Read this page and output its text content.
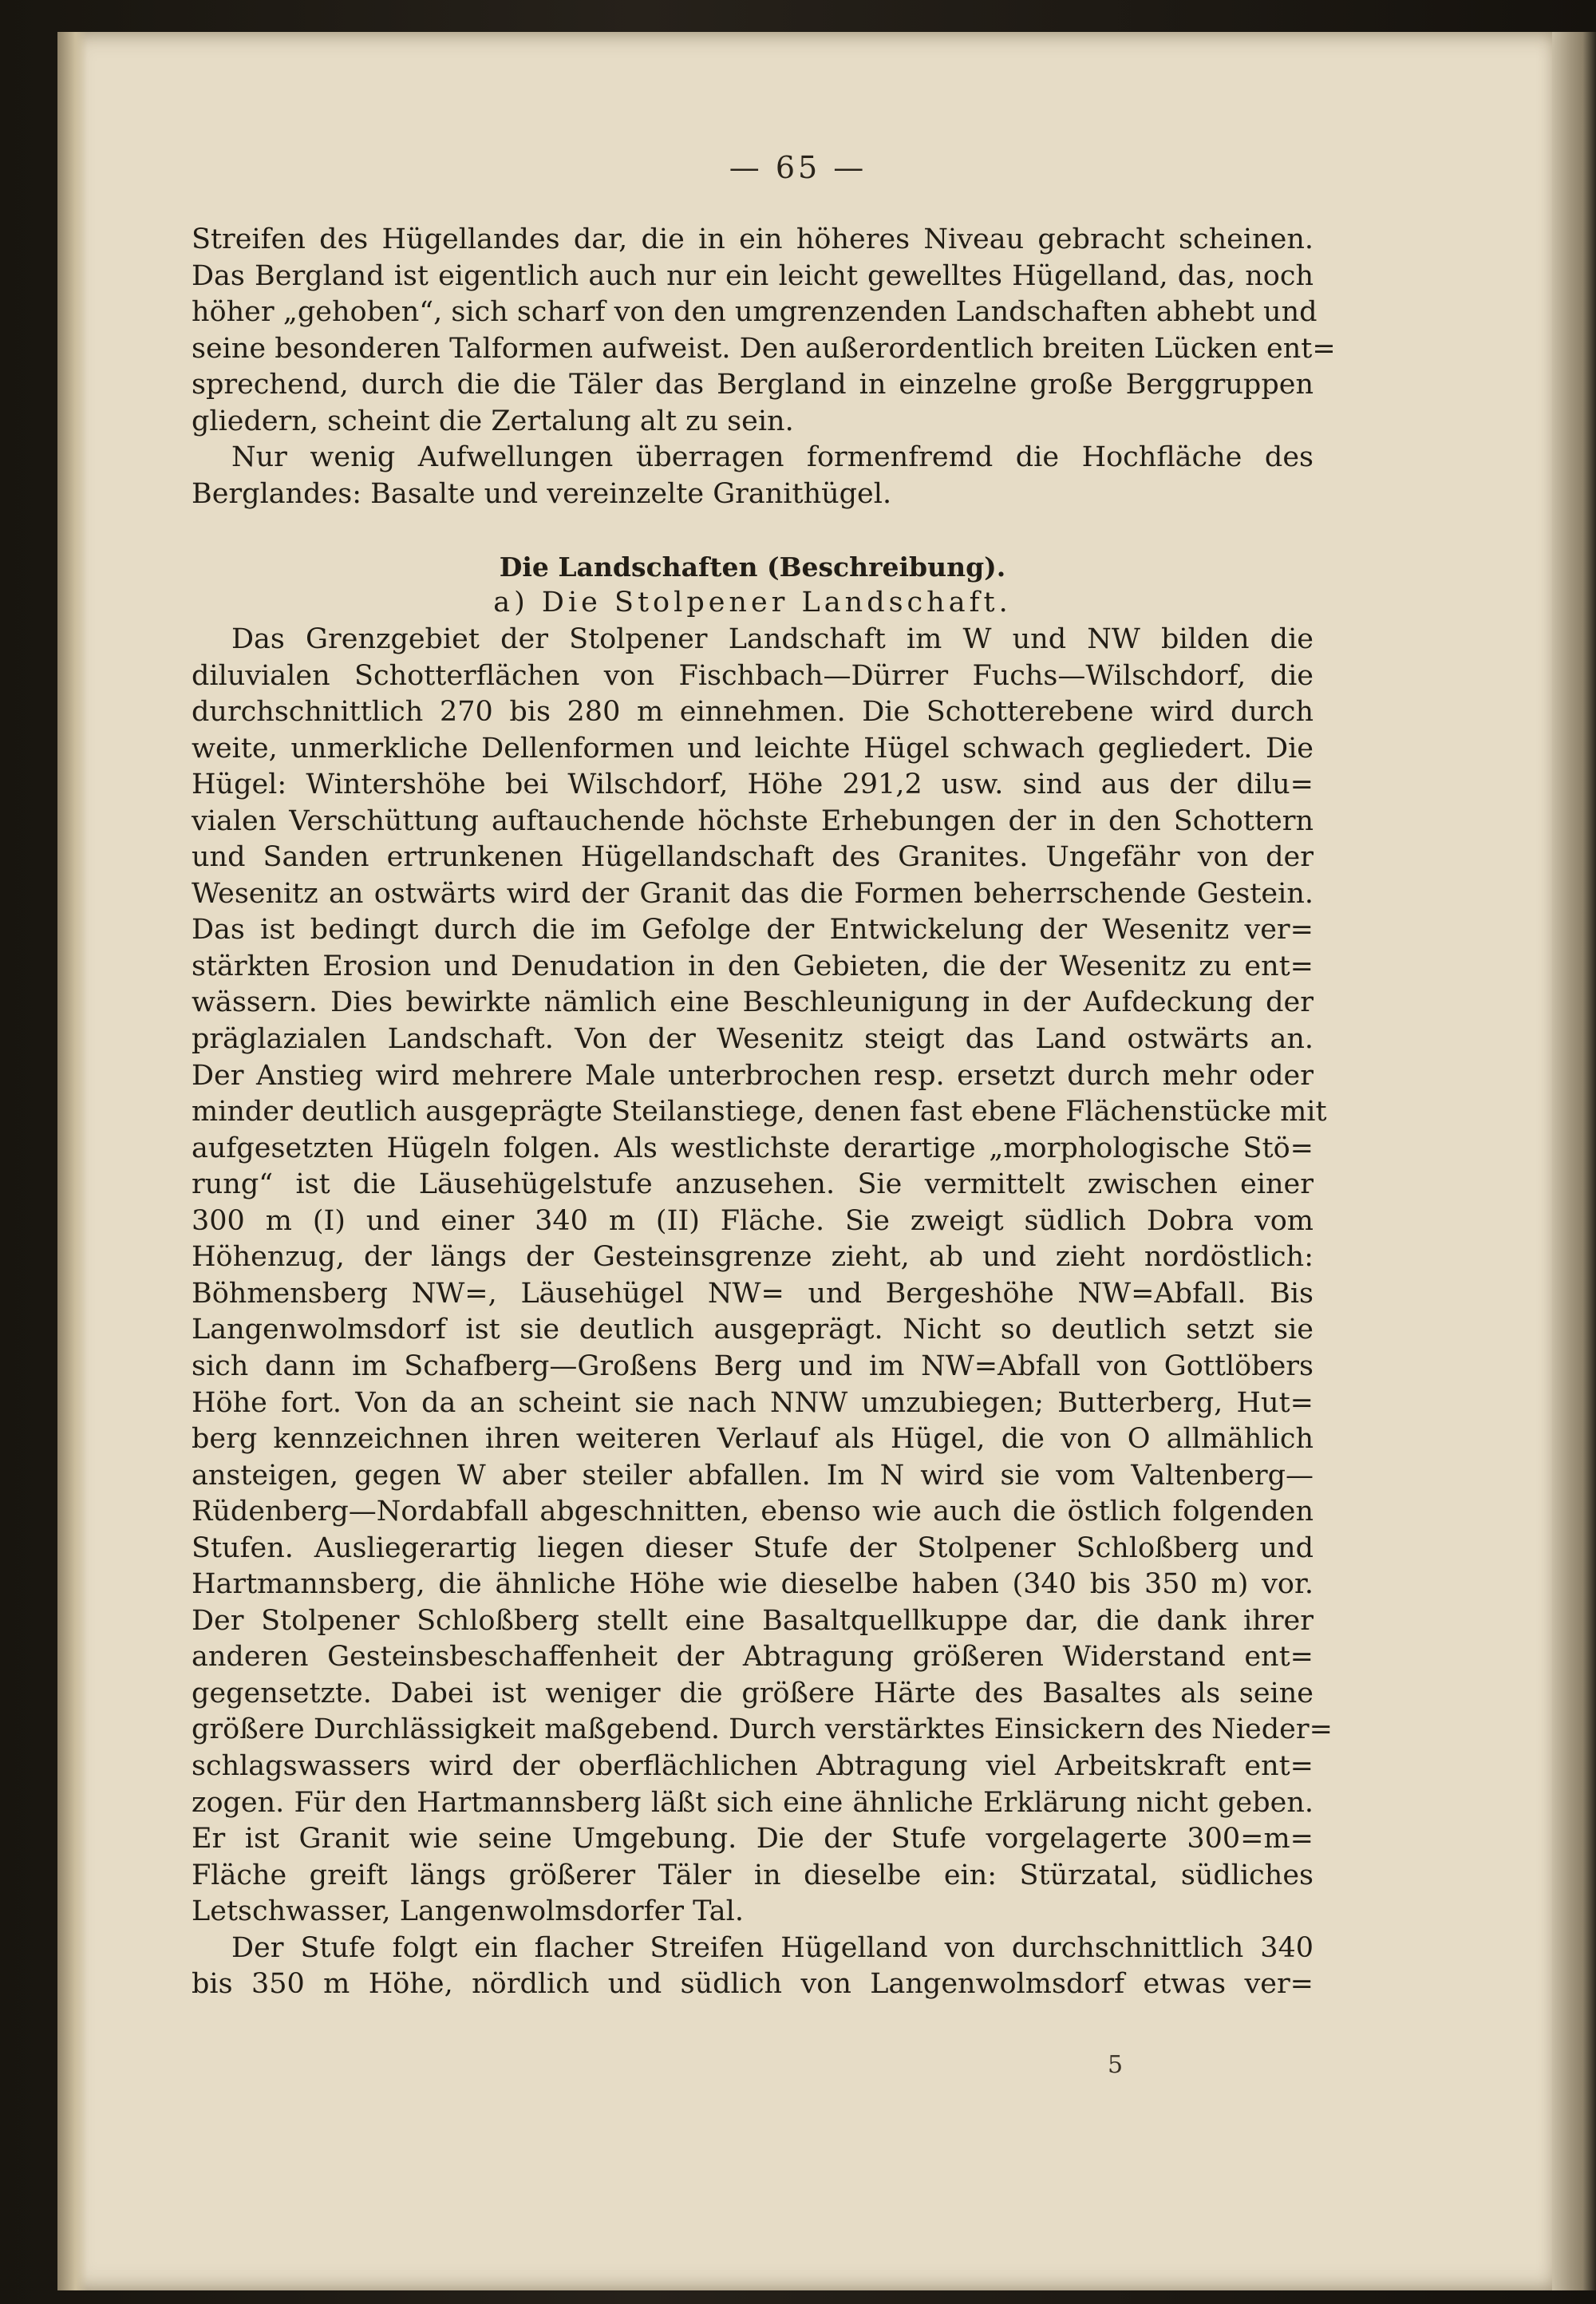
— 65 —
Streifen des Hügellandes dar, die in ein höheres Niveau gebracht scheinen.
Das Bergland ist eigentlich auch nur ein leicht gewelltes Hügelland, das, noch
höher „gehoben“, sich scharf von den umgrenzenden Landschaften abhebt und
seine besonderen Talformen aufweist. Den außerordentlich breiten Lücken ent=
sprechend, durch die die Täler das Bergland in einzelne große Berggruppen
gliedern, scheint die Zertalung alt zu sein.
Nur wenig Aufwellungen überragen formenfremd die Hochfläche des
Berglandes: Basalte und vereinzelte Granithügel.
Die Landschaften (Beschreibung).
a) Die Stolpener Landschaft.
Das Grenzgebiet der Stolpener Landschaft im W und NW bilden die
diluvialen Schotterflächen von Fischbach—Dürrer Fuchs—Wilschdorf, die
durchschnittlich 270 bis 280 m einnehmen. Die Schotterebene wird durch
weite, unmerkliche Dellenformen und leichte Hügel schwach gegliedert. Die
Hügel: Wintershöhe bei Wilschdorf, Höhe 291,2 usw. sind aus der dilu=
vialen Verschüttung auftauchende höchste Erhebungen der in den Schottern
und Sanden ertrunkenen Hügellandschaft des Granites. Ungefähr von der
Wesenitz an ostwärts wird der Granit das die Formen beherrschende Gestein.
Das ist bedingt durch die im Gefolge der Entwickelung der Wesenitz ver=
stärkten Erosion und Denudation in den Gebieten, die der Wesenitz zu ent=
wässern. Dies bewirkte nämlich eine Beschleunigung in der Aufdeckung der
präglazialen Landschaft. Von der Wesenitz steigt das Land ostwärts an.
Der Anstieg wird mehrere Male unterbrochen resp. ersetzt durch mehr oder
minder deutlich ausgeprägte Steilanstiege, denen fast ebene Flächenstücke mit
aufgesetzten Hügeln folgen. Als westlichste derartige „morphologische Stö=
rung“ ist die Läusehügelstufe anzusehen. Sie vermittelt zwischen einer
300 m (I) und einer 340 m (II) Fläche. Sie zweigt südlich Dobra vom
Höhenzug, der längs der Gesteinsgrenze zieht, ab und zieht nordöstlich:
Böhmensberg NW=, Läusehügel NW= und Bergeshöhe NW=Abfall. Bis
Langenwolmsdorf ist sie deutlich ausgeprägt. Nicht so deutlich setzt sie
sich dann im Schafberg—Großens Berg und im NW=Abfall von Gottlöbers
Höhe fort. Von da an scheint sie nach NNW umzubiegen; Butterberg, Hut=
berg kennzeichnen ihren weiteren Verlauf als Hügel, die von O allmählich
ansteigen, gegen W aber steiler abfallen. Im N wird sie vom Valtenberg—
Rüdenberg—Nordabfall abgeschnitten, ebenso wie auch die östlich folgenden
Stufen. Ausliegerartig liegen dieser Stufe der Stolpener Schloßberg und
Hartmannsberg, die ähnliche Höhe wie dieselbe haben (340 bis 350 m) vor.
Der Stolpener Schloßberg stellt eine Basaltquellkuppe dar, die dank ihrer
anderen Gesteinsbeschaffenheit der Abtragung größeren Widerstand ent=
gegensetzte. Dabei ist weniger die größere Härte des Basaltes als seine
größere Durchlässigkeit maßgebend. Durch verstärktes Einsickern des Nieder=
schlagswassers wird der oberflächlichen Abtragung viel Arbeitskraft ent=
zogen. Für den Hartmannsberg läßt sich eine ähnliche Erklärung nicht geben.
Er ist Granit wie seine Umgebung. Die der Stufe vorgelagerte 300=m=
Fläche greift längs größerer Täler in dieselbe ein: Stürzatal, südliches
Letschwasser, Langenwolmsdorfer Tal.
Der Stufe folgt ein flacher Streifen Hügelland von durchschnittlich 340
bis 350 m Höhe, nördlich und südlich von Langenwolmsdorf etwas ver=
5
